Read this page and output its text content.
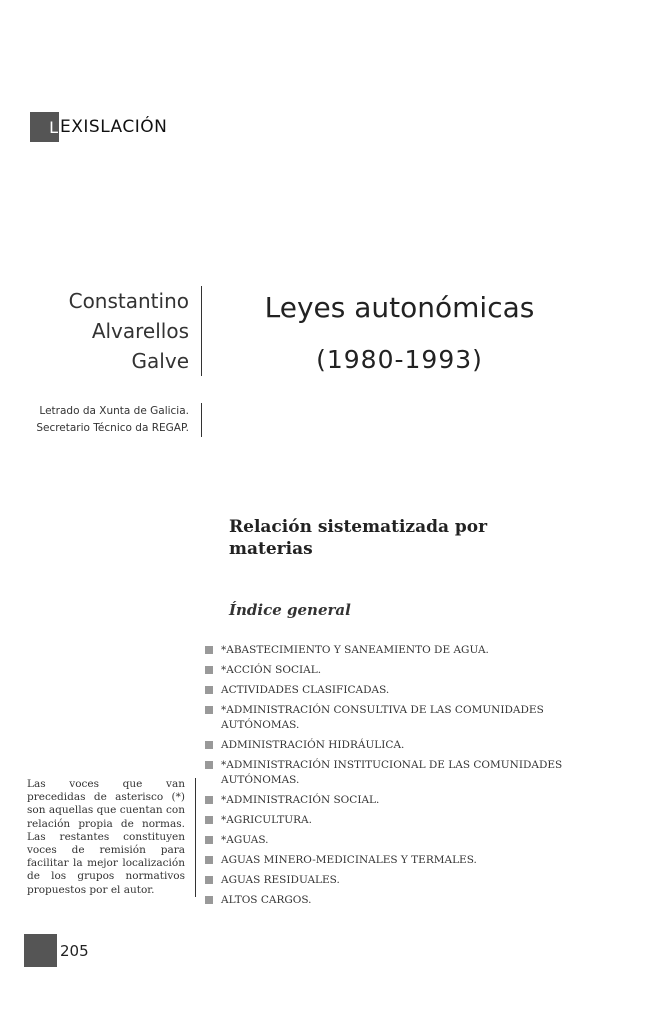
L EXISLACIÓN
Constantino
Alvarellos
Galve
Letrado da Xunta de Galicia.
Secretario Técnico da REGAP.
Leyes autonómicas
(1980-1993)
Relación sistematizada por materias
Índice general
*ABASTECIMIENTO Y SANEAMIENTO DE AGUA.
*ACCIÓN SOCIAL.
ACTIVIDADES CLASIFICADAS.
*ADMINISTRACIÓN CONSULTIVA DE LAS COMUNIDADES AUTÓNOMAS.
ADMINISTRACIÓN HIDRÁULICA.
*ADMINISTRACIÓN INSTITUCIONAL DE LAS COMUNIDADES AUTÓNOMAS.
*ADMINISTRACIÓN SOCIAL.
*AGRICULTURA.
*AGUAS.
AGUAS MINERO-MEDICINALES Y TERMALES.
AGUAS RESIDUALES.
ALTOS CARGOS.
Las voces que van precedidas de asterisco (*) son aquellas que cuentan con relación propia de normas. Las restantes constituyen voces de remisión para facilitar la mejor localización de los grupos normativos propuestos por el autor.
205
